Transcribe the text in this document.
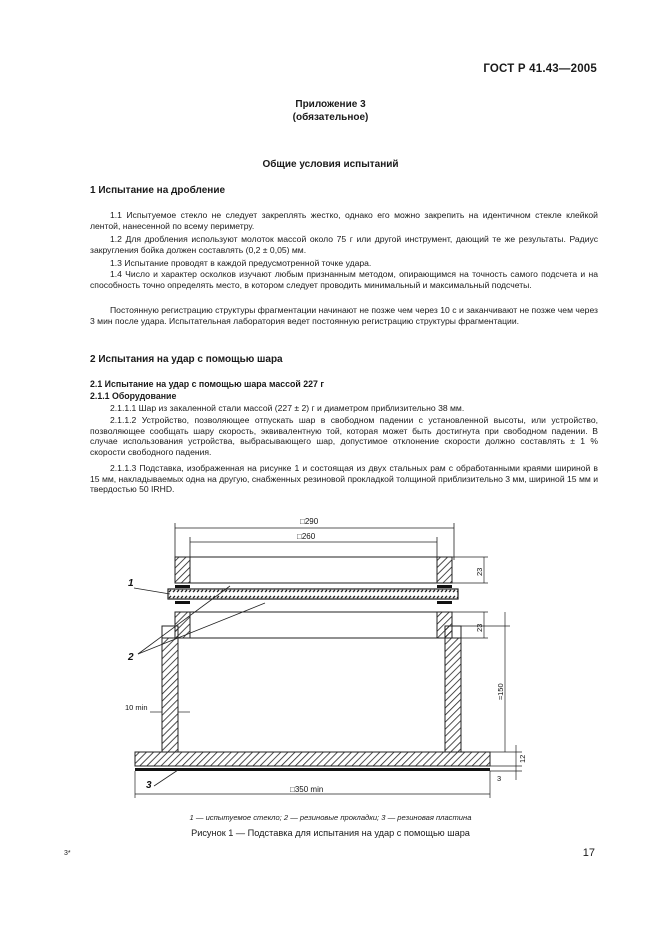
ГОСТ Р 41.43—2005
Приложение 3
(обязательное)
Общие условия испытаний
1 Испытание на дробление
1.1 Испытуемое стекло не следует закреплять жестко, однако его можно закрепить на идентичном стекле клейкой лентой, нанесенной по всему периметру.
1.2 Для дробления используют молоток массой около 75 г или другой инструмент, дающий те же результаты. Радиус закругления бойка должен составлять (0,2 ± 0,05) мм.
1.3 Испытание проводят в каждой предусмотренной точке удара.
1.4 Число и характер осколков изучают любым признанным методом, опирающимся на точность самого подсчета и на способность точно определять место, в котором следует проводить минимальный и максимальный подсчеты.
Постоянную регистрацию структуры фрагментации начинают не позже чем через 10 с и заканчивают не позже чем через 3 мин после удара. Испытательная лаборатория ведет постоянную регистрацию структуры фрагментации.
2 Испытания на удар с помощью шара
2.1 Испытание на удар с помощью шара массой 227 г
2.1.1 Оборудование
2.1.1.1 Шар из закаленной стали массой (227 ± 2) г и диаметром приблизительно 38 мм.
2.1.1.2 Устройство, позволяющее отпускать шар в свободном падении с установленной высоты, или устройство, позволяющее сообщать шару скорость, эквивалентную той, которая может быть достигнута при свободном падении. В случае использования устройства, выбрасывающего шар, допустимое отклонение скорости должно составлять ± 1 % скорости свободного падения.
2.1.1.3 Подставка, изображенная на рисунке 1 и состоящая из двух стальных рам с обработанными краями шириной в 15 мм, накладываемых одна на другую, снабженных резиновой прокладкой толщиной приблизительно 3 мм, шириной 15 мм и твердостью 50 IRHD.
□290
□260
23
23
≈150
10 min
12
3
□350 min
1
2
3
1 — испытуемое стекло; 2 — резиновые прокладки; 3 — резиновая пластина
Рисунок 1 — Подставка для испытания на удар с помощью шара
3*	17
